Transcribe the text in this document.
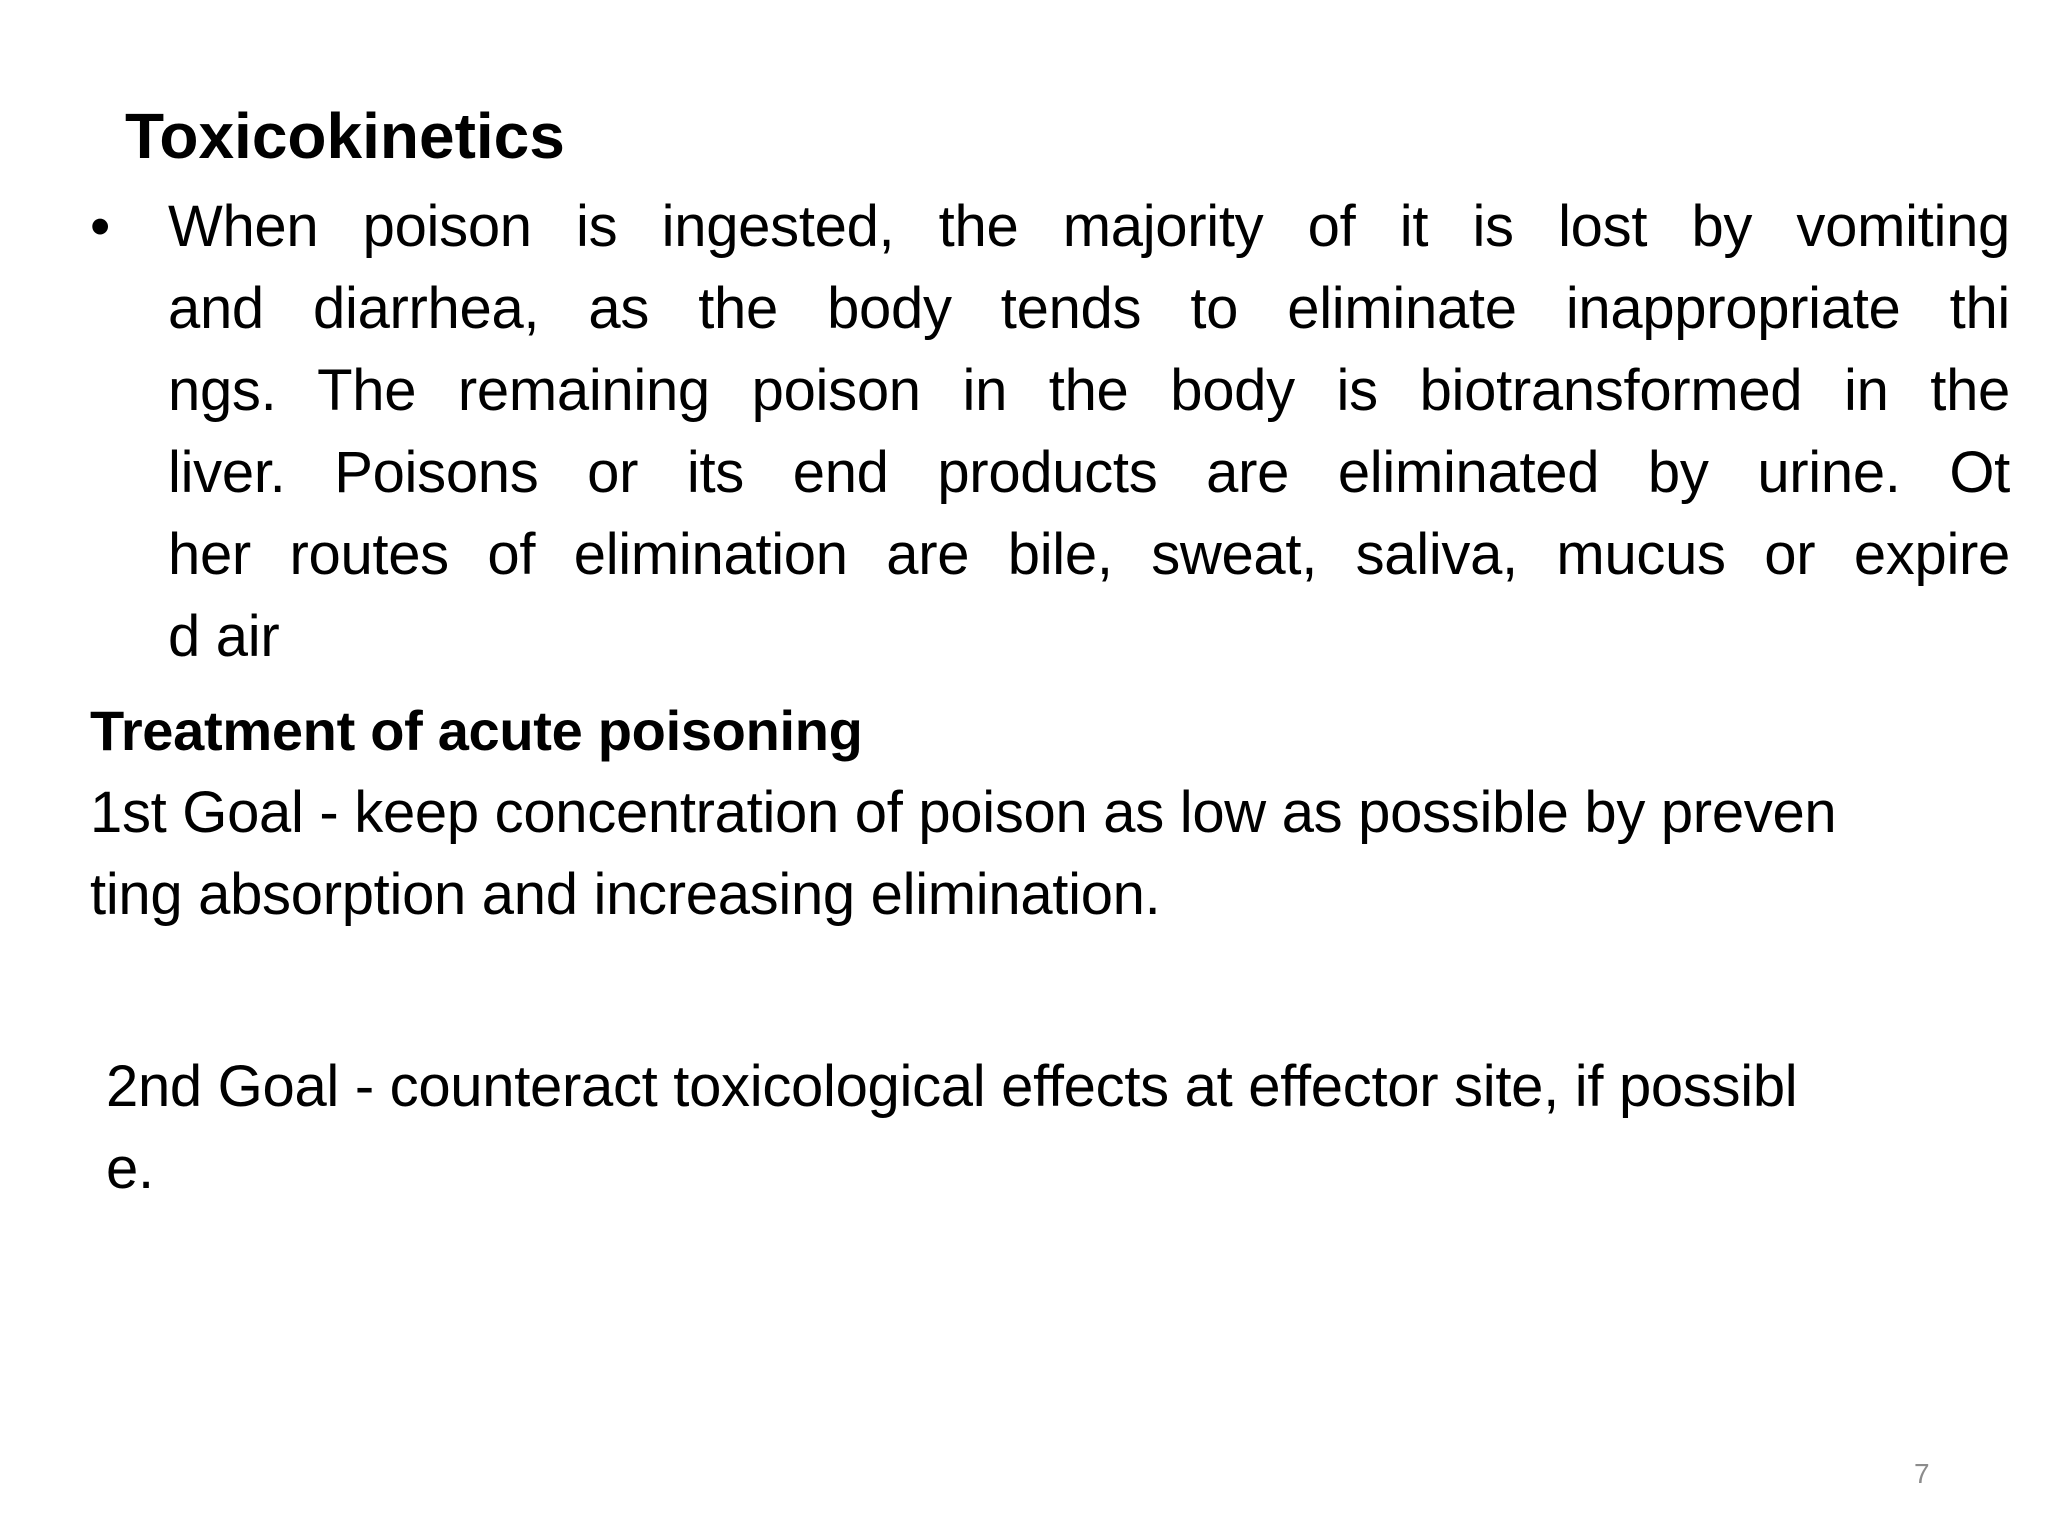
Toxicokinetics
• When poison is ingested, the majority of it is lost by vomiting
and diarrhea, as the body tends to eliminate inappropriate thi
ngs. The remaining poison in the body is biotransformed in the
liver. Poisons or its end products are eliminated by urine. Ot
her routes of elimination are bile, sweat, saliva, mucus or expire
d air
Treatment of acute poisoning
1st Goal - keep concentration of poison as low as possible by preven
ting absorption and increasing elimination.
2nd Goal - counteract toxicological effects at effector site, if possibl
e.
7
